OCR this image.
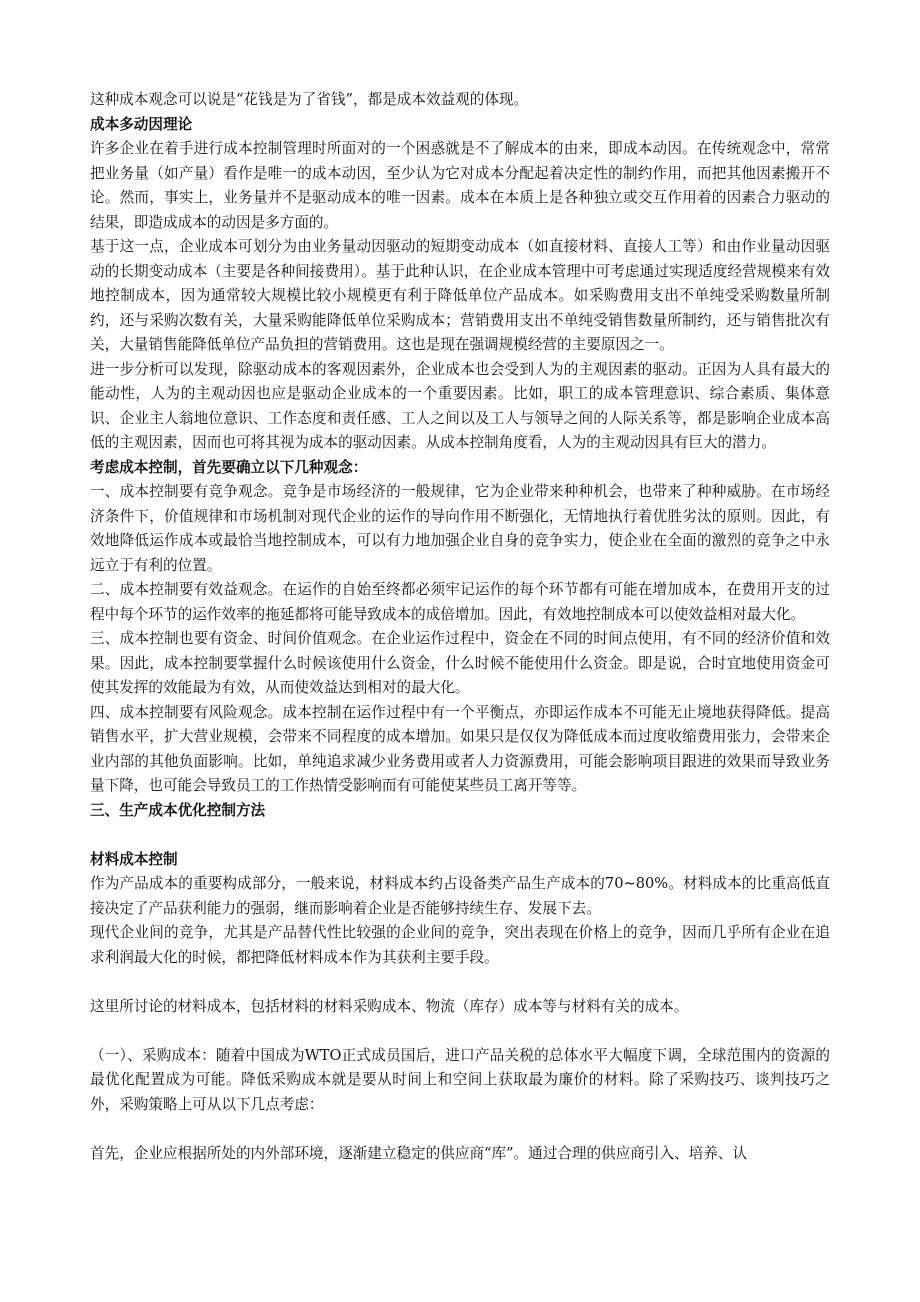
这种成本观念可以说是“花钱是为了省钱”，都是成本效益观的体现。

成本多动因理论

许多企业在着手进行成本控制管理时所面对的一个困惑就是不了解成本的由来，即成本动因。在传统观念中，常常把业务量（如产量）看作是唯一的成本动因，至少认为它对成本分配起着决定性的制约作用，而把其他因素搬开不论。然而，事实上，业务量并不是驱动成本的唯一因素。成本在本质上是各种独立或交互作用着的因素合力驱动的结果，即造成成本的动因是多方面的。

基于这一点，企业成本可划分为由业务量动因驱动的短期变动成本（如直接材料、直接人工等）和由作业量动因驱动的长期变动成本（主要是各种间接费用）。基于此种认识，在企业成本管理中可考虑通过实现适度经营规模来有效地控制成本，因为通常较大规模比较小规模更有利于降低单位产品成本。如采购费用支出不单纯受采购数量所制约，还与采购次数有关，大量采购能降低单位采购成本；营销费用支出不单纯受销售数量所制约，还与销售批次有关，大量销售能降低单位产品负担的营销费用。这也是现在强调规模经营的主要原因之一。

进一步分析可以发现，除驱动成本的客观因素外，企业成本也会受到人为的主观因素的驱动。正因为人具有最大的能动性，人为的主观动因也应是驱动企业成本的一个重要因素。比如，职工的成本管理意识、综合素质、集体意识、企业主人翁地位意识、工作态度和责任感、工人之间以及工人与领导之间的人际关系等，都是影响企业成本高低的主观因素，因而也可将其视为成本的驱动因素。从成本控制角度看，人为的主观动因具有巨大的潜力。

考虑成本控制，首先要确立以下几种观念：

一、成本控制要有竞争观念。竞争是市场经济的一般规律，它为企业带来种种机会，也带来了种种威胁。在市场经济条件下，价值规律和市场机制对现代企业的运作的导向作用不断强化，无情地执行着优胜劣汰的原则。因此，有效地降低运作成本或最恰当地控制成本，可以有力地加强企业自身的竞争实力，使企业在全面的激烈的竞争之中永远立于有利的位置。

二、成本控制要有效益观念。在运作的自始至终都必须牢记运作的每个环节都有可能在增加成本，在费用开支的过程中每个环节的运作效率的拖延都将可能导致成本的成倍增加。因此，有效地控制成本可以使效益相对最大化。

三、成本控制也要有资金、时间价值观念。在企业运作过程中，资金在不同的时间点使用，有不同的经济价值和效果。因此，成本控制要掌握什么时候该使用什么资金，什么时候不能使用什么资金。即是说，合时宜地使用资金可使其发挥的效能最为有效，从而使效益达到相对的最大化。

四、成本控制要有风险观念。成本控制在运作过程中有一个平衡点，亦即运作成本不可能无止境地获得降低。提高销售水平，扩大营业规模，会带来不同程度的成本增加。如果只是仅仅为降低成本而过度收缩费用张力，会带来企业内部的其他负面影响。比如，单纯追求减少业务费用或者人力资源费用，可能会影响项目跟进的效果而导致业务量下降，也可能会导致员工的工作热情受影响而有可能使某些员工离开等等。

三、生产成本优化控制方法

材料成本控制

作为产品成本的重要构成部分，一般来说，材料成本约占设备类产品生产成本的70~80%。材料成本的比重高低直接决定了产品获利能力的强弱，继而影响着企业是否能够持续生存、发展下去。

现代企业间的竞争，尤其是产品替代性比较强的企业间的竞争，突出表现在价格上的竞争，因而几乎所有企业在追求利润最大化的时候，都把降低材料成本作为其获利主要手段。

这里所讨论的材料成本，包括材料的材料采购成本、物流（库存）成本等与材料有关的成本。

（一）、采购成本：随着中国成为WTO正式成员国后，进口产品关税的总体水平大幅度下调，全球范围内的资源的最优化配置成为可能。降低采购成本就是要从时间上和空间上获取最为廉价的材料。除了采购技巧、谈判技巧之外，采购策略上可从以下几点考虑：

首先，企业应根据所处的内外部环境，逐渐建立稳定的供应商“库”。通过合理的供应商引入、培养、认
